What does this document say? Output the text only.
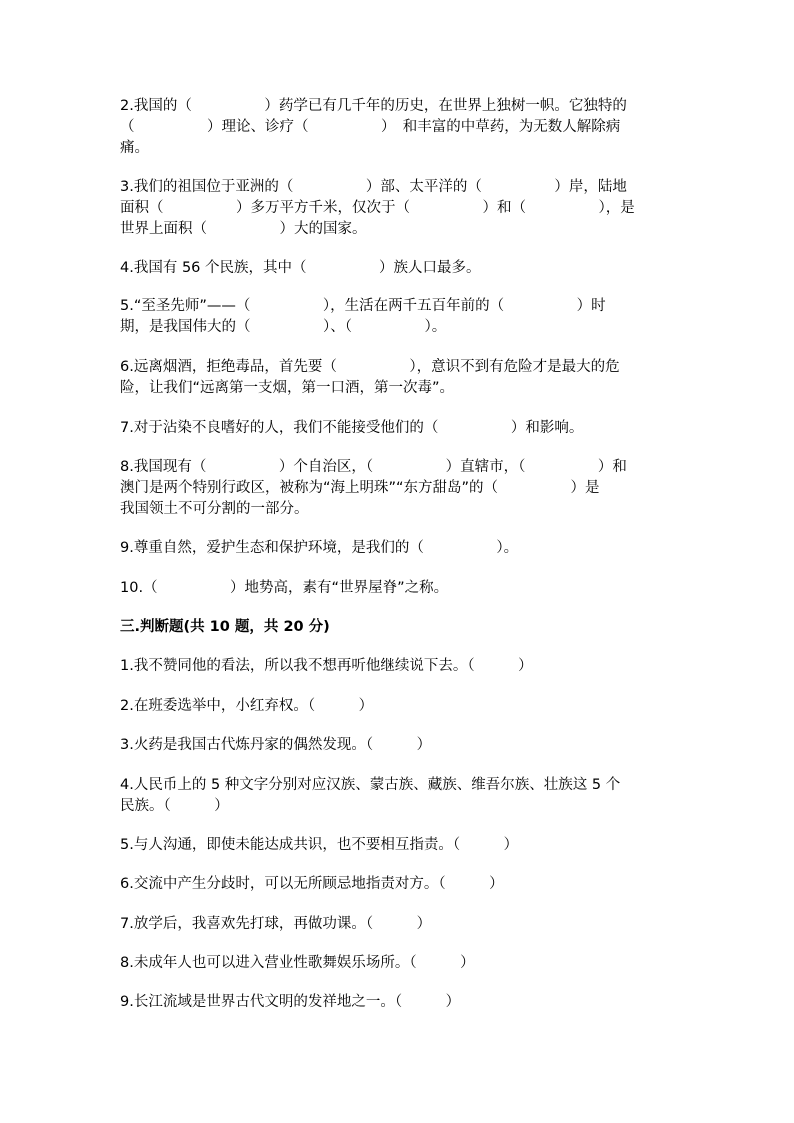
2.我国的（　　　　　）药学已有几千年的历史，在世界上独树一帜。它独特的
（　　　　　）理论、诊疗（　　　　　）　和丰富的中草药，为无数人解除病
痛。
3.我们的祖国位于亚洲的（　　　　　）部、太平洋的（　　　　　）岸，陆地
面积（　　　　　）多万平方千米，仅次于（　　　　　）和（　　　　　），是
世界上面积（　　　　　）大的国家。
4.我国有 56 个民族，其中（　　　　　）族人口最多。
5.“至圣先师”——（　　　　　），生活在两千五百年前的（　　　　　）时
期，是我国伟大的（　　　　　）、（　　　　　）。
6.远离烟酒，拒绝毒品，首先要（　　　　　），意识不到有危险才是最大的危
险，让我们“远离第一支烟，第一口酒，第一次毒”。
7.对于沾染不良嗜好的人，我们不能接受他们的（　　　　　）和影响。
8.我国现有（　　　　　）个自治区，（　　　　　）直辖市，（　　　　　）和
澳门是两个特别行政区，被称为“海上明珠”“东方甜岛”的（　　　　　）是
我国领土不可分割的一部分。
9.尊重自然，爱护生态和保护环境，是我们的（　　　　　）。
10.（　　　　　）地势高，素有“世界屋脊”之称。
三.判断题(共 10 题，共 20 分)
1.我不赞同他的看法，所以我不想再听他继续说下去。（　　　）
2.在班委选举中，小红弃权。（　　　）
3.火药是我国古代炼丹家的偶然发现。（　　　）
4.人民币上的 5 种文字分别对应汉族、蒙古族、藏族、维吾尔族、壮族这 5 个
民族。（　　　）
5.与人沟通，即使未能达成共识，也不要相互指责。（　　　）
6.交流中产生分歧时，可以无所顾忌地指责对方。（　　　）
7.放学后，我喜欢先打球，再做功课。（　　　）
8.未成年人也可以进入营业性歌舞娱乐场所。（　　　）
9.长江流域是世界古代文明的发祥地之一。（　　　）
